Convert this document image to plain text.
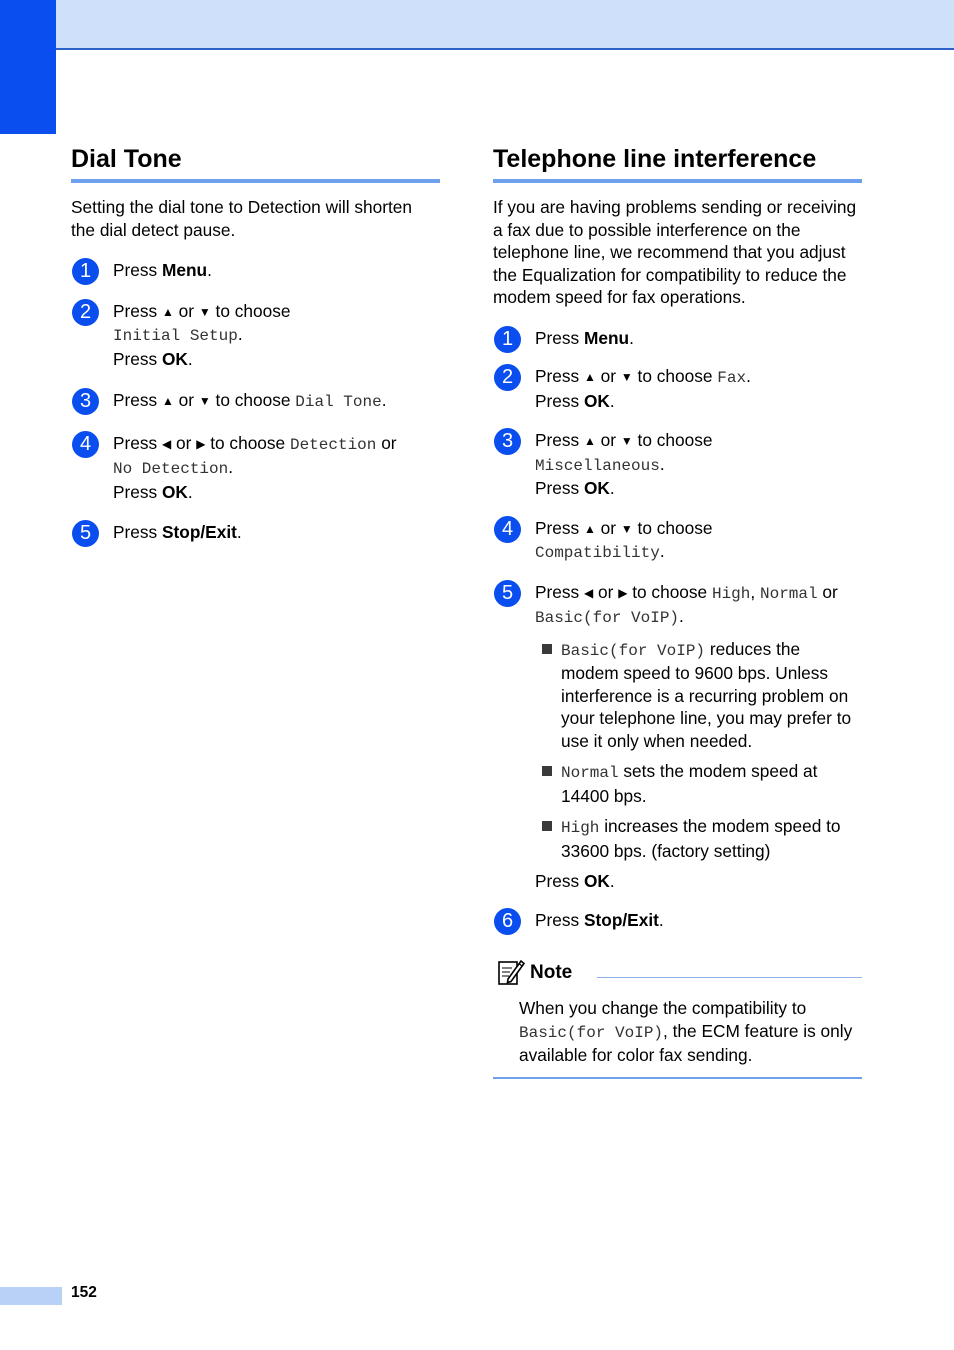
Dial Tone

Setting the dial tone to Detection will shorten the dial detect pause.

1	Press Menu.
2	Press ▲ or ▼ to choose
Initial Setup.
Press OK.
3	Press ▲ or ▼ to choose Dial Tone.
4	Press ◀ or ▶ to choose Detection or
No Detection.
Press OK.
5	Press Stop/Exit.
Telephone line interference

If you are having problems sending or receiving a fax due to possible interference on the telephone line, we recommend that you adjust the Equalization for compatibility to reduce the modem speed for fax operations.

1	Press Menu.
2	Press ▲ or ▼ to choose Fax.
Press OK.
3	Press ▲ or ▼ to choose
Miscellaneous.
Press OK.
4	Press ▲ or ▼ to choose
Compatibility.
5	Press ◀ or ▶ to choose High, Normal or
Basic(for VoIP).
Basic(for VoIP) reduces the modem speed to 9600 bps. Unless interference is a recurring problem on your telephone line, you may prefer to use it only when needed.
Normal sets the modem speed at 14400 bps.
High increases the modem speed to 33600 bps. (factory setting)
Press OK.
6	Press Stop/Exit.
Note
When you change the compatibility to Basic(for VoIP), the ECM feature is only available for color fax sending.
152
